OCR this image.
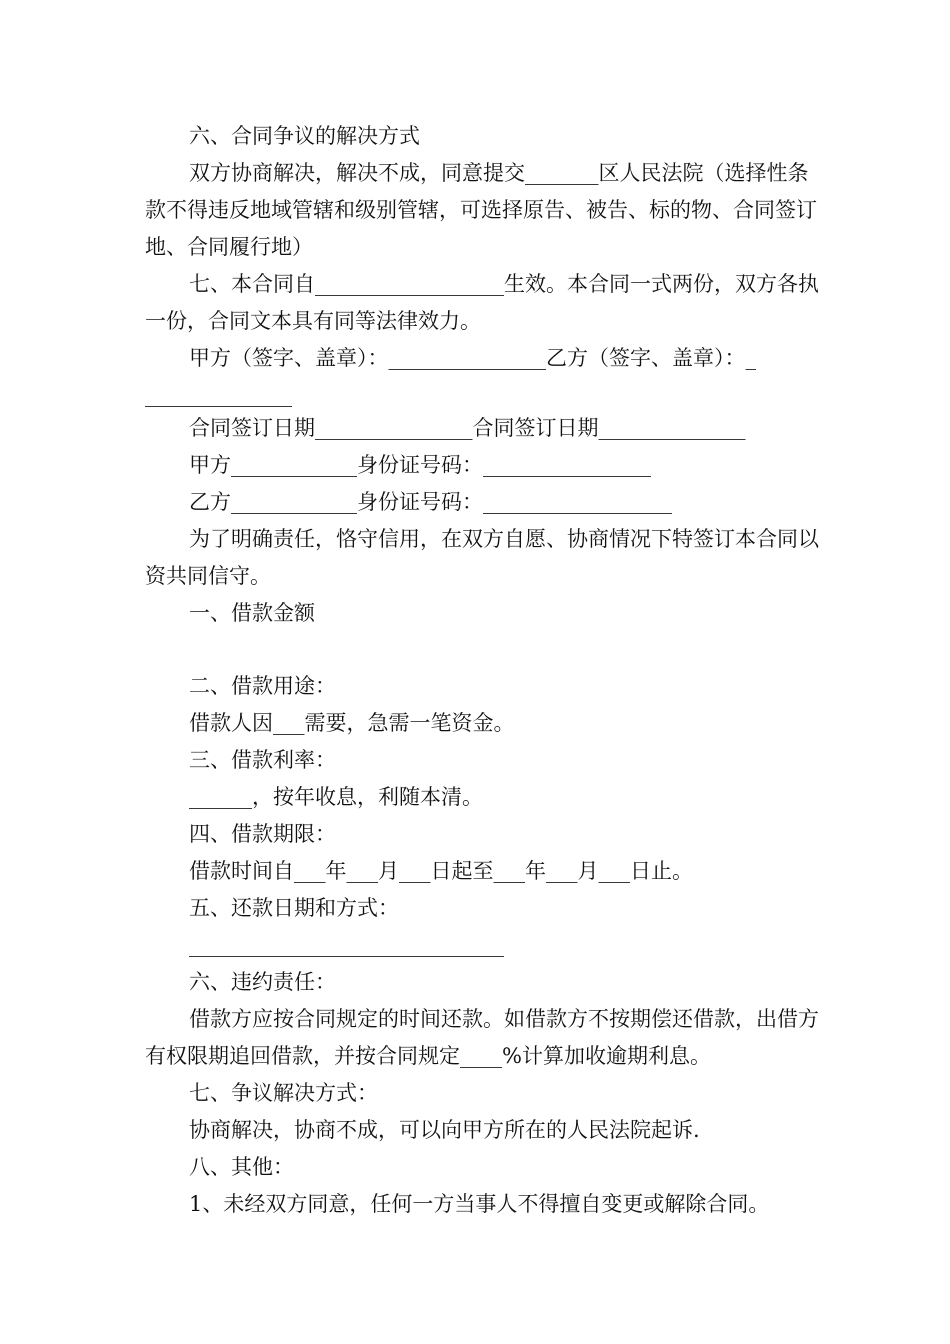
六、合同争议的解决方式

双方协商解决，解决不成，同意提交_______区人民法院（选择性条款不得违反地域管辖和级别管辖，可选择原告、被告、标的物、合同签订地、合同履行地）

七、本合同自__________________生效。本合同一式两份，双方各执一份，合同文本具有同等法律效力。

甲方（签字、盖章）：_______________乙方（签字、盖章）：_

______________

合同签订日期_______________合同签订日期______________

甲方____________身份证号码：________________

乙方____________身份证号码：__________________

为了明确责任，恪守信用，在双方自愿、协商情况下特签订本合同以资共同信守。

一、借款金额

二、借款用途：

借款人因___需要，急需一笔资金。

三、借款利率：

______，按年收息，利随本清。

四、借款期限：

借款时间自___年___月___日起至___年___月___日止。

五、还款日期和方式：

______________________________

六、违约责任：

借款方应按合同规定的时间还款。如借款方不按期偿还借款，出借方有权限期追回借款，并按合同规定____%计算加收逾期利息。

七、争议解决方式：

协商解决，协商不成，可以向甲方所在的人民法院起诉.

八、其他：

1、未经双方同意，任何一方当事人不得擅自变更或解除合同。
